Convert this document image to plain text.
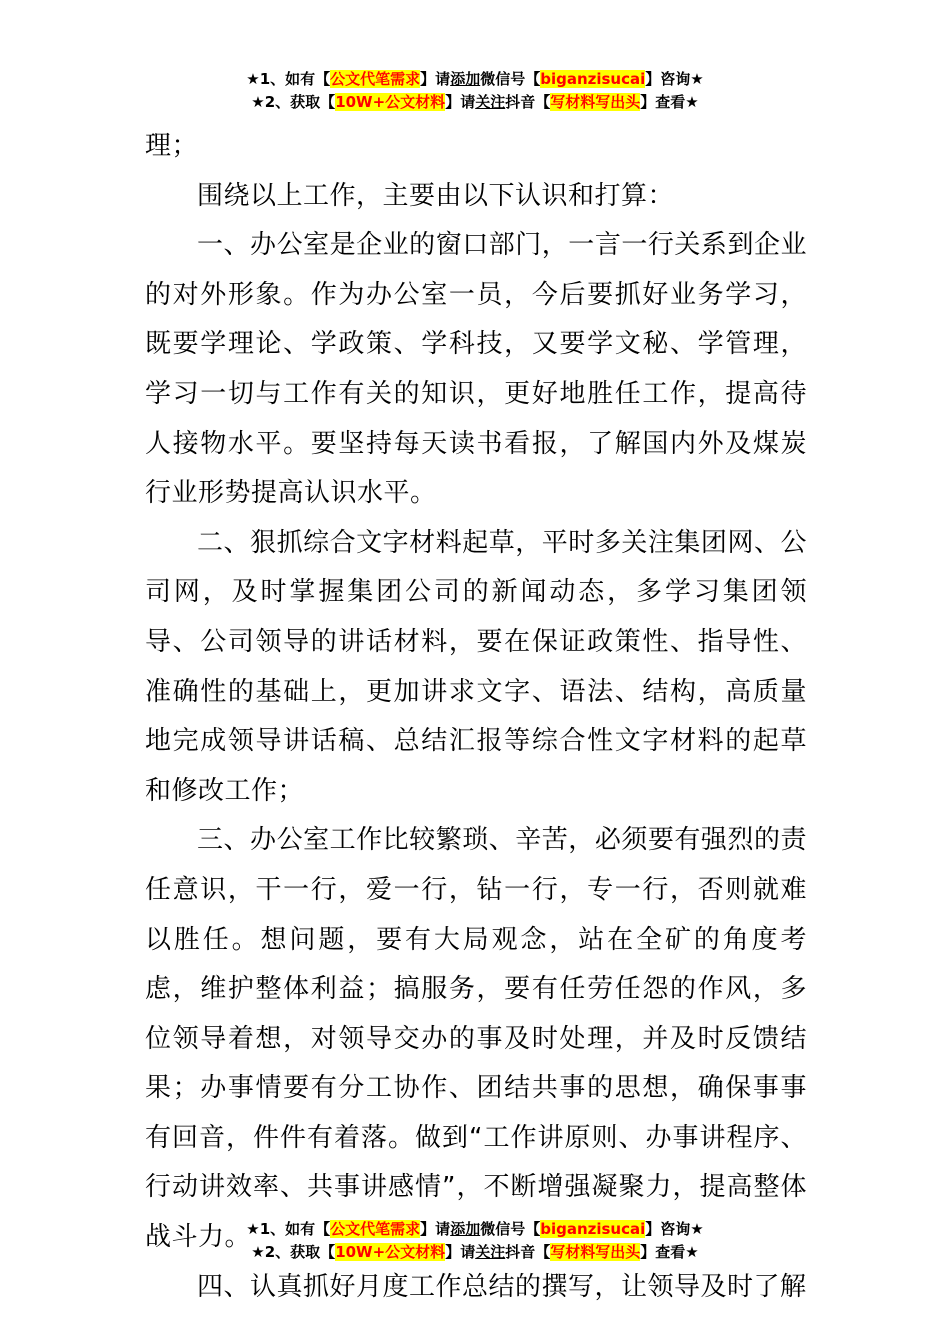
★1、如有【公文代笔需求】请添加微信号【biganzisucai】咨询★
★2、获取【10W+公文材料】请关注抖音【写材料写出头】查看★

理；

围绕以上工作，主要由以下认识和打算：

一、办公室是企业的窗口部门，一言一行关系到企业的对外形象。作为办公室一员，今后要抓好业务学习，既要学理论、学政策、学科技，又要学文秘、学管理，学习一切与工作有关的知识，更好地胜任工作，提高待人接物水平。要坚持每天读书看报，了解国内外及煤炭行业形势提高认识水平。

二、狠抓综合文字材料起草，平时多关注集团网、公司网，及时掌握集团公司的新闻动态，多学习集团领导、公司领导的讲话材料，要在保证政策性、指导性、准确性的基础上，更加讲求文字、语法、结构，高质量地完成领导讲话稿、总结汇报等综合性文字材料的起草和修改工作；

三、办公室工作比较繁琐、辛苦，必须要有强烈的责任意识，干一行，爱一行，钻一行，专一行，否则就难以胜任。想问题，要有大局观念，站在全矿的角度考虑，维护整体利益；搞服务，要有任劳任怨的作风，多位领导着想，对领导交办的事及时处理，并及时反馈结果；办事情要有分工协作、团结共事的思想，确保事事有回音，件件有着落。做到“工作讲原则、办事讲程序、行动讲效率、共事讲感情”，不断增强凝聚力，提高整体战斗力。

四、认真抓好月度工作总结的撰写，让领导及时了解

★1、如有【公文代笔需求】请添加微信号【biganzisucai】咨询★
★2、获取【10W+公文材料】请关注抖音【写材料写出头】查看★
